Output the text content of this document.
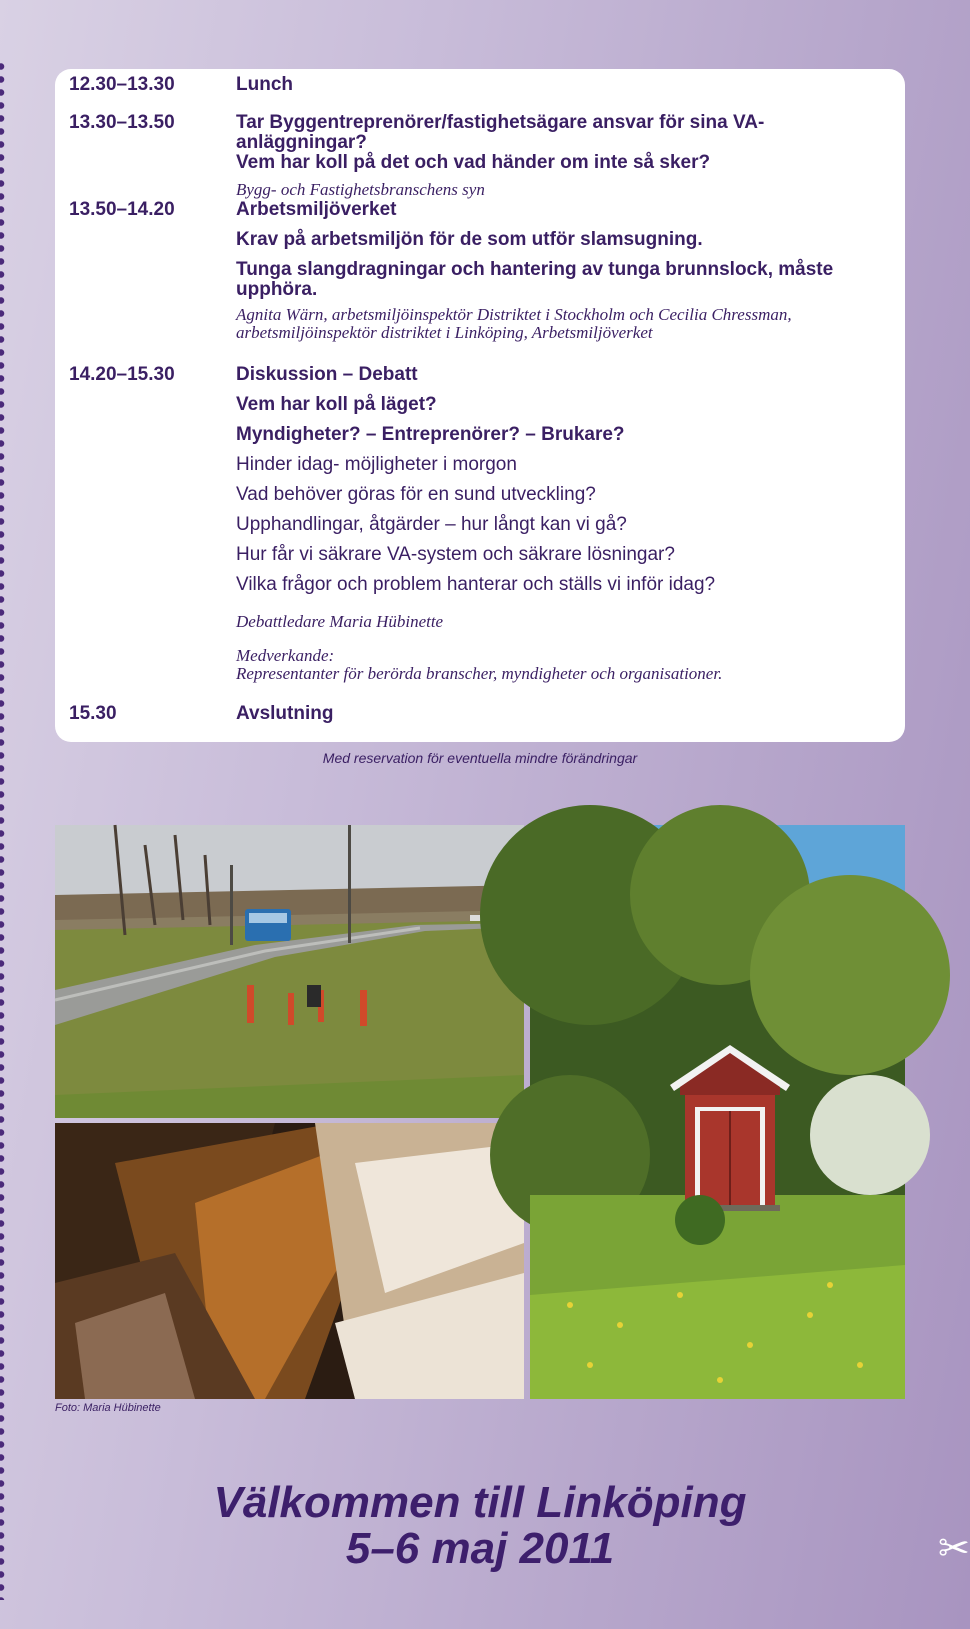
12.30–13.30	Lunch

13.30–13.50	Tar Byggentreprenörer/fastighetsägare ansvar för sina VA-anläggningar?

Vem har koll på det och vad händer om inte så sker?

Bygg- och Fastighetsbranschens syn

13.50–14.20	Arbetsmiljöverket

Krav på arbetsmiljön för de som utför slamsugning.

Tunga slangdragningar och hantering av tunga brunnslock, måste

upphöra.

Agnita Wärn, arbetsmiljöinspektör Distriktet i Stockholm och Cecilia Chressman,

arbetsmiljöinspektör distriktet i Linköping, Arbetsmiljöverket

14.20–15.30	Diskussion – Debatt

Vem har koll på läget?

Myndigheter? – Entreprenörer? – Brukare?

Hinder idag- möjligheter i morgon

Vad behöver göras för en sund utveckling?

Upphandlingar, åtgärder – hur långt kan vi gå?

Hur får vi säkrare VA-system och säkrare lösningar?

Vilka frågor och problem hanterar och ställs vi inför idag?

Debattledare Maria Hübinette

Medverkande:

Representanter för berörda branscher, myndigheter och organisationer.

15.30	Avslutning

Med reservation för eventuella mindre förändringar
Foto: Maria Hübinette
Välkommen till Linköping
5–6 maj 2011	✂
